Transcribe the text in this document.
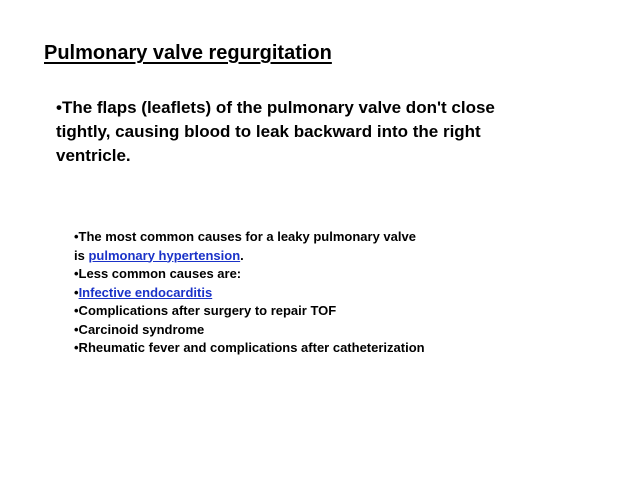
Pulmonary valve regurgitation
•The flaps (leaflets) of the pulmonary valve don't close tightly, causing blood to leak backward into the right ventricle.
•The most common causes for a leaky pulmonary valve
is pulmonary hypertension.
•Less common causes are:
•Infective endocarditis
•Complications after surgery to repair TOF
•Carcinoid syndrome
•Rheumatic fever and complications after catheterization
